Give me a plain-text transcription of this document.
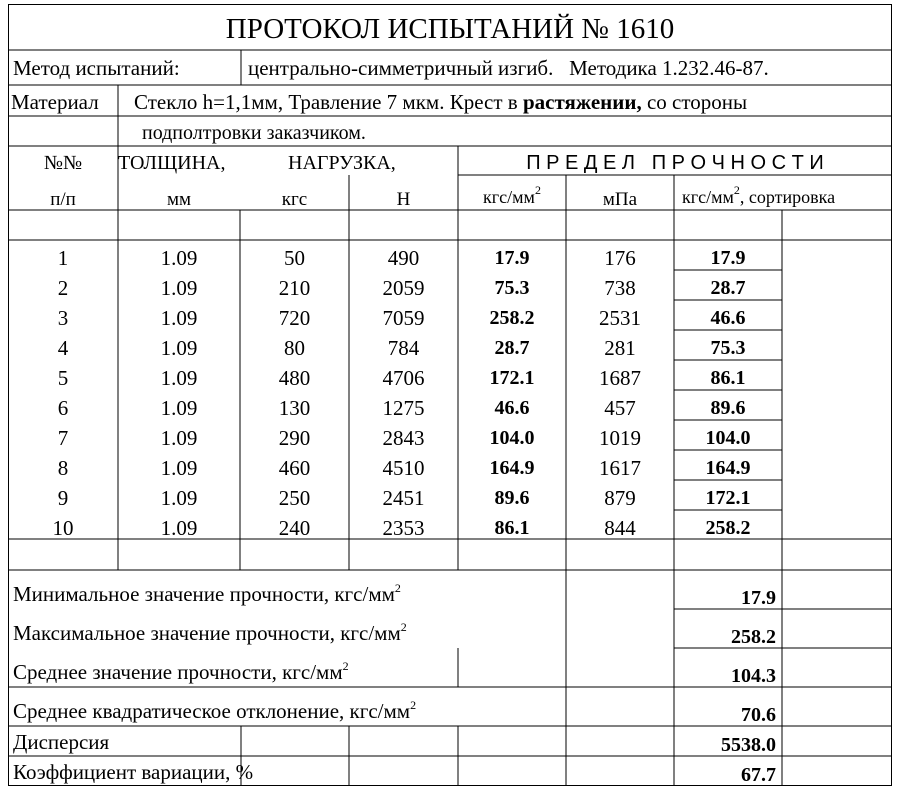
ПРОТОКОЛ ИСПЫТАНИЙ № 1610
Метод испытаний:	центрально-симметричный изгиб.   Методика 1.232.46-87.
Материал Стекло h=1,1мм, Травление 7 мкм. Крест в растяжении, со стороны
подполтровки заказчиком.
№№
п/п
ТОЛЩИНА,
мм
НАГРУЗКА,
кгс	Н
П Р Е Д Е Л   П Р О Ч Н О С Т И
кгс/$мм^2$	мПа	кгс/$мм^2$, сортировка
1	1.09	50	490	17.9	176	17.9
2	1.09	210	2059	75.3	738	28.7
3	1.09	720	7059	258.2	2531	46.6
4	1.09	80	784	28.7	281	75.3
5	1.09	480	4706	172.1	1687	86.1
6	1.09	130	1275	46.6	457	89.6
7	1.09	290	2843	104.0	1019	104.0
8	1.09	460	4510	164.9	1617	164.9
9	1.09	250	2451	89.6	879	172.1
10	1.09	240	2353	86.1	844	258.2
Минимальное значение прочности, кгс/$мм^2$	17.9
Максимальное значение прочности, кгс/$мм^2$	258.2
Среднее значение прочности, кгс/$мм^2$	104.3
Среднее квадратическое отклонение, кгс/$мм^2$	70.6
Дисперсия	5538.0
Коэффициент вариации, %	67.7
